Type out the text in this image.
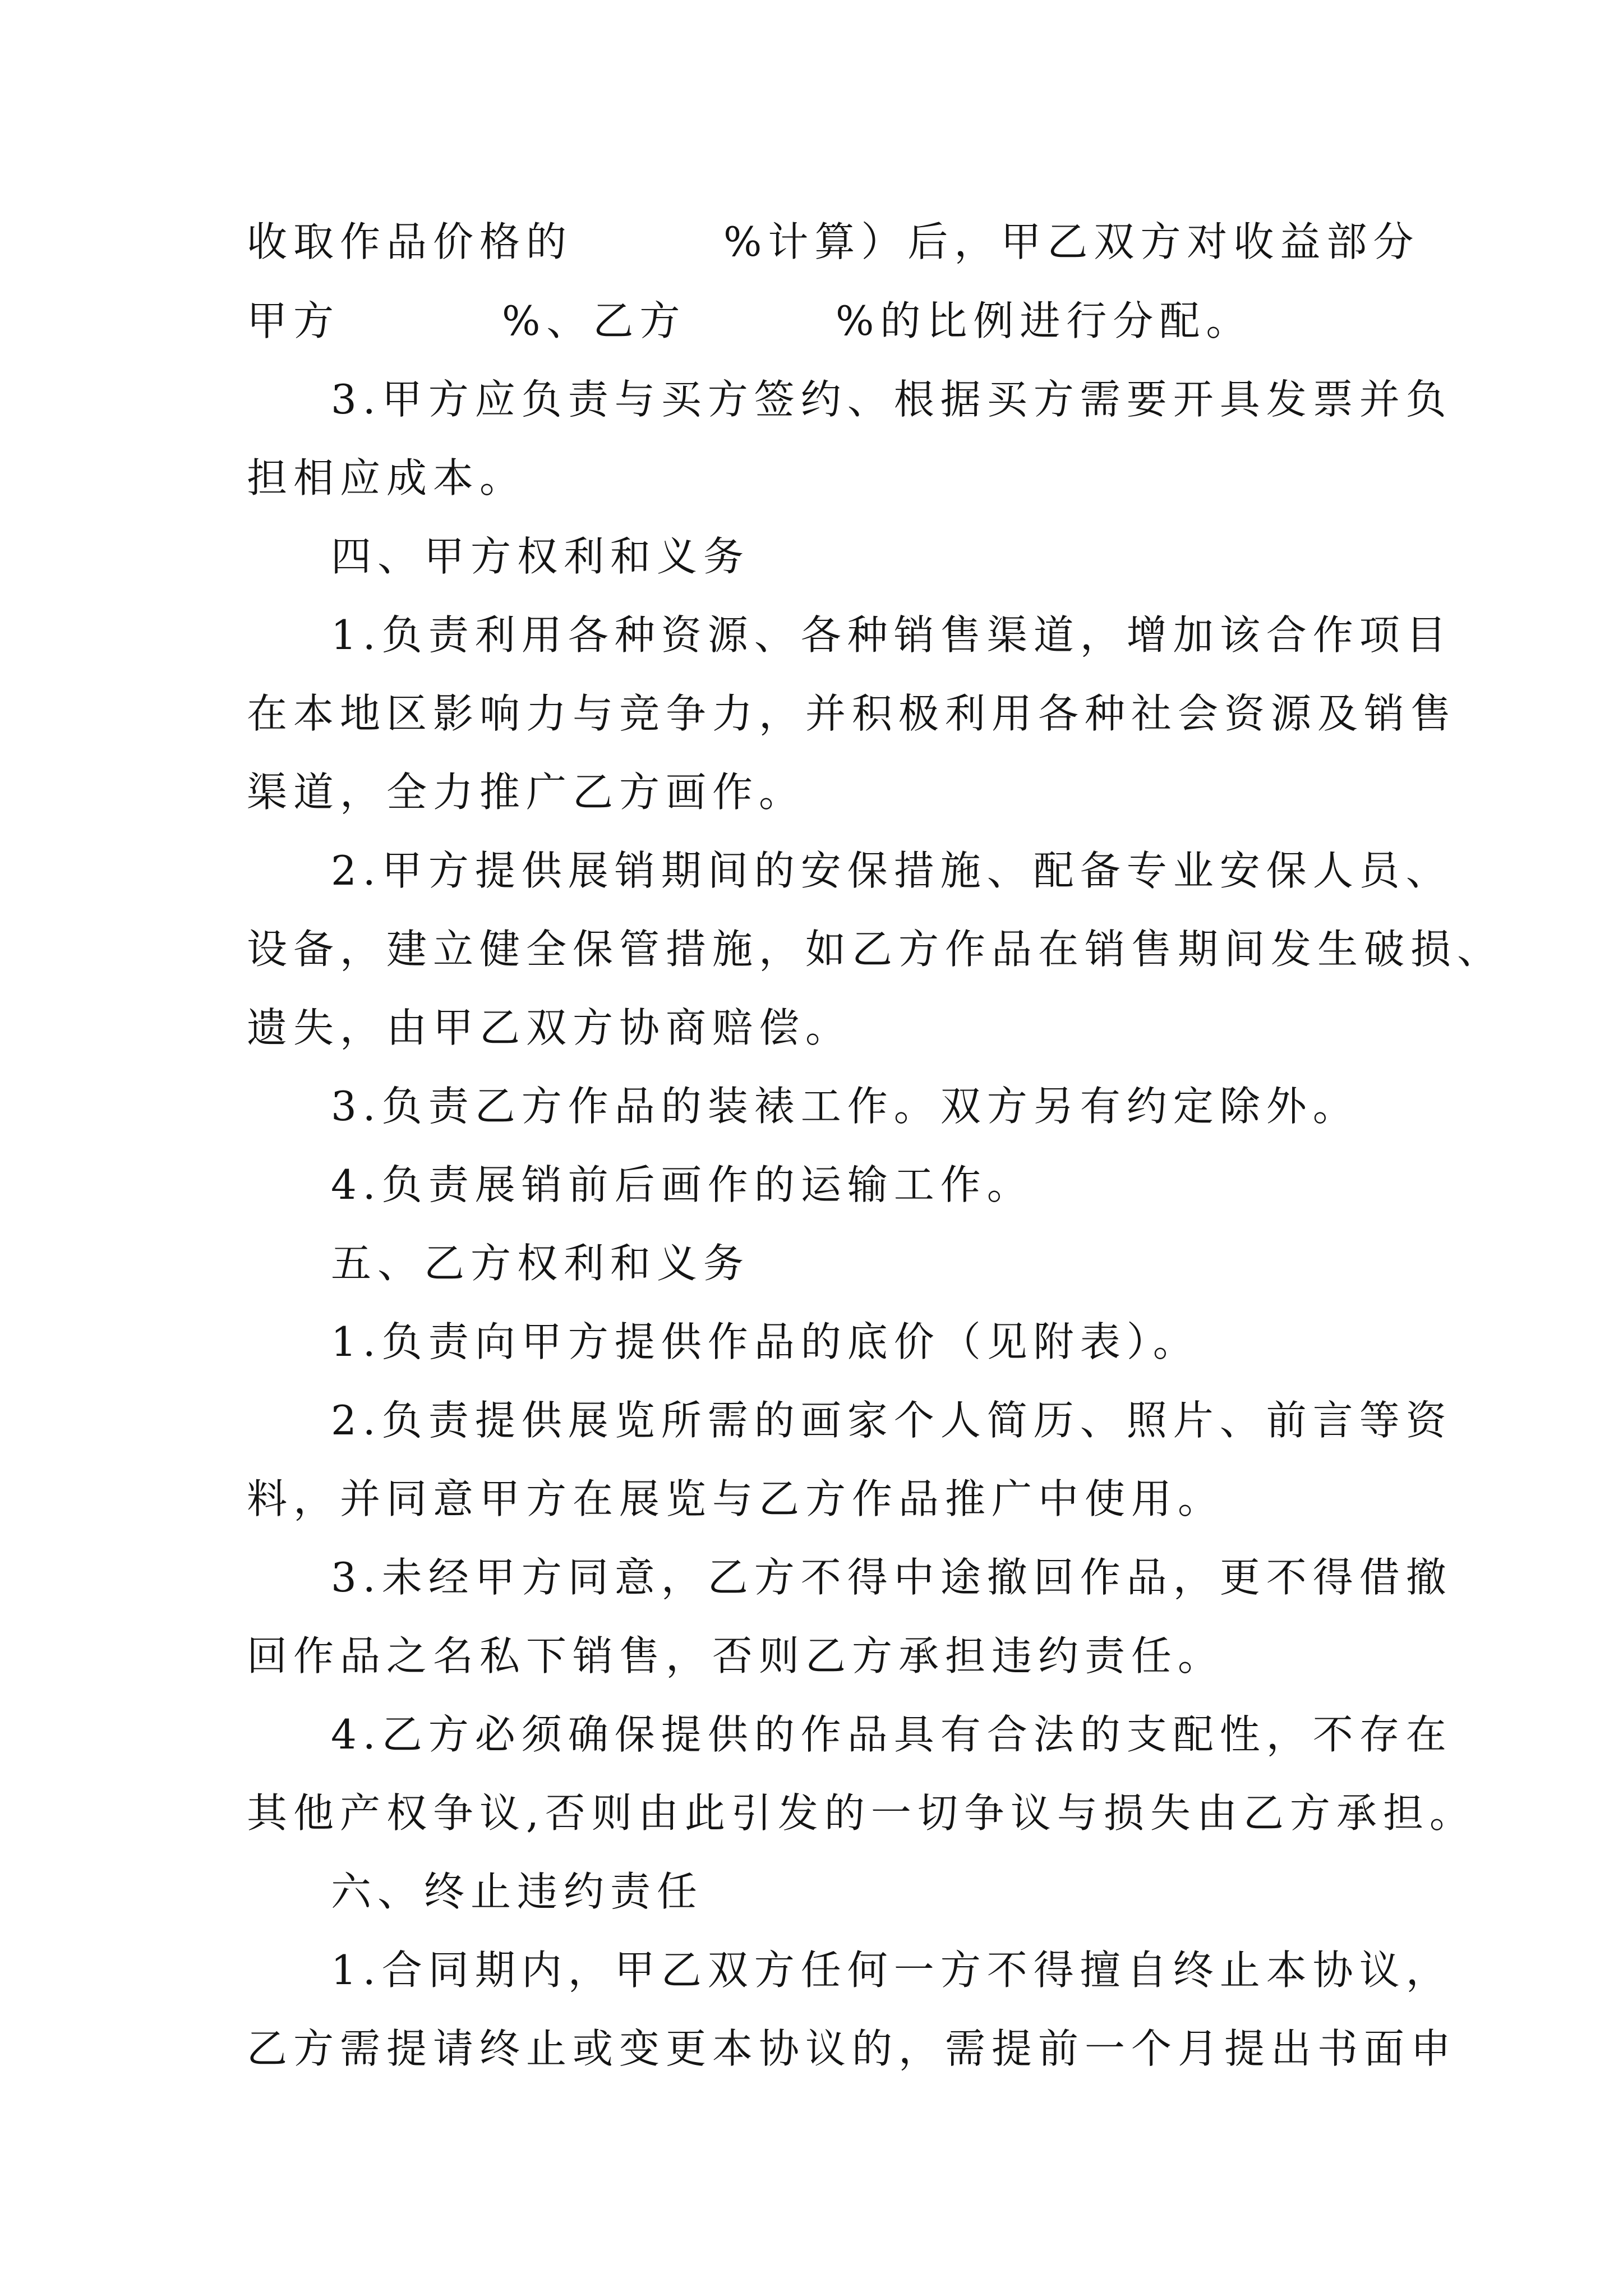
收取作品价格的

	%计算）后，甲乙双方对收益部分

甲方

	%、乙方

	%的比例进行分配。

3.甲方应负责与买方签约、根据买方需要开具发票并负

担相应成本。

四、甲方权利和义务

1.负责利用各种资源、各种销售渠道，增加该合作项目

在本地区影响力与竞争力，并积极利用各种社会资源及销售

渠道，全力推广乙方画作。

2.甲方提供展销期间的安保措施、配备专业安保人员、

设备，建立健全保管措施，如乙方作品在销售期间发生破损、

遗失，由甲乙双方协商赔偿。

3.负责乙方作品的装裱工作。双方另有约定除外。

4.负责展销前后画作的运输工作。

五、乙方权利和义务

1.负责向甲方提供作品的底价（见附表）。

2.负责提供展览所需的画家个人简历、照片、前言等资

料，并同意甲方在展览与乙方作品推广中使用。

3.未经甲方同意，乙方不得中途撤回作品，更不得借撤

回作品之名私下销售，否则乙方承担违约责任。

4.乙方必须确保提供的作品具有合法的支配性，不存在

其他产权争议,否则由此引发的一切争议与损失由乙方承担。

六、终止违约责任

1.合同期内，甲乙双方任何一方不得擅自终止本协议，

乙方需提请终止或变更本协议的，需提前一个月提出书面申
